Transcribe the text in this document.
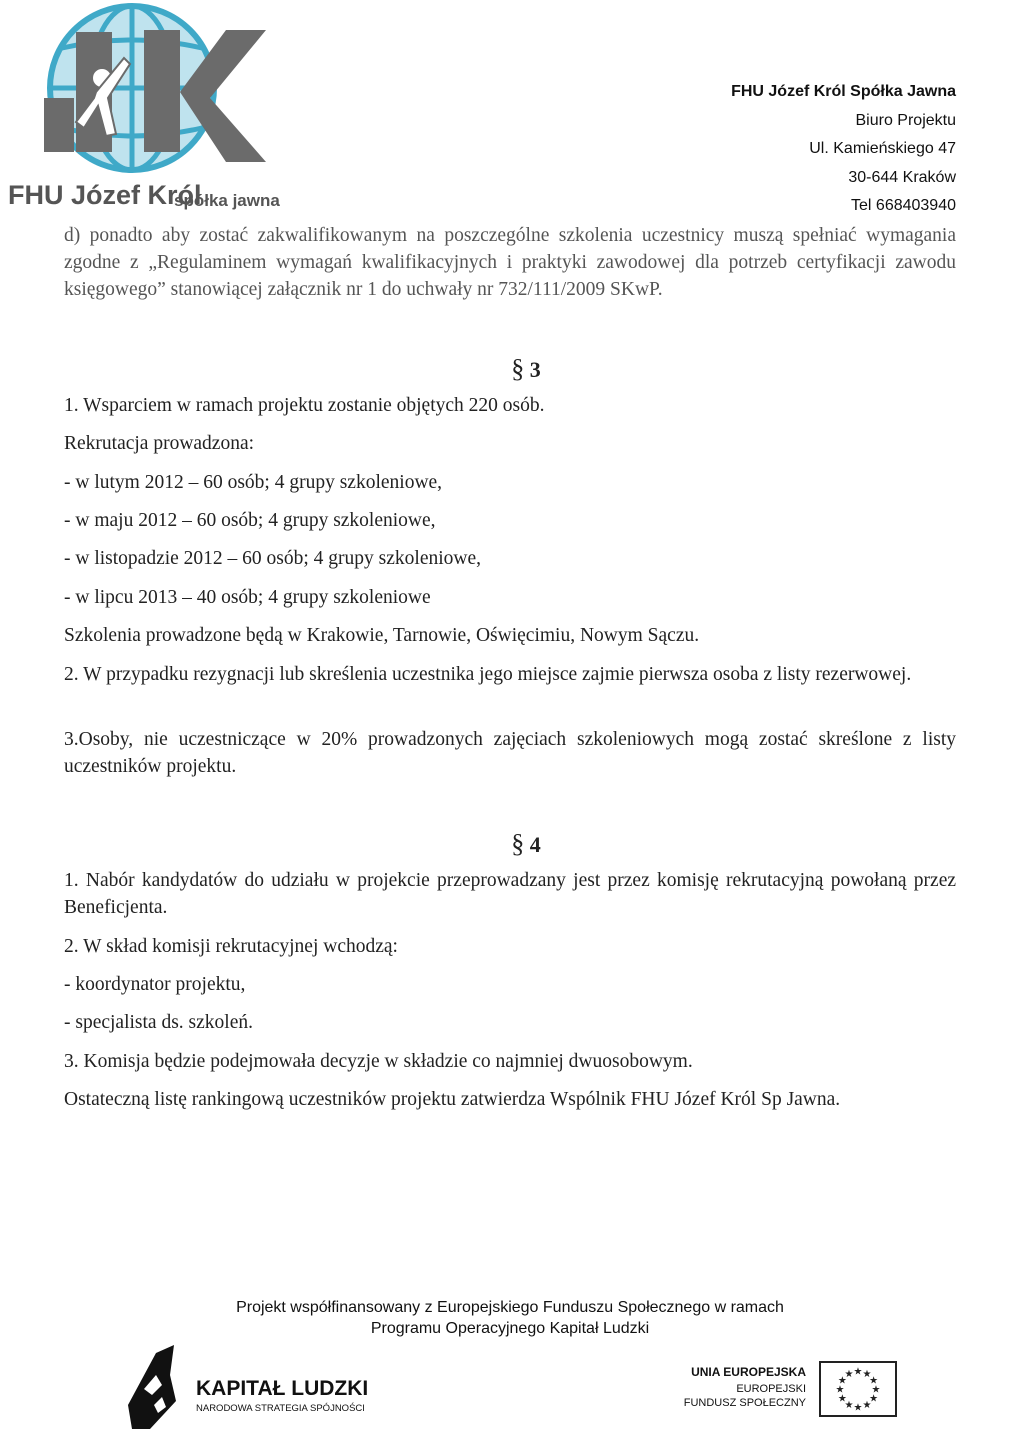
FHU Józef Król
spółka jawna
FHU Józef Król Spółka Jawna
Biuro Projektu
Ul. Kamieńskiego 47
30-644 Kraków
Tel 668403940
d) ponadto aby zostać zakwalifikowanym na poszczególne szkolenia uczestnicy muszą spełniać wymagania zgodne z „Regulaminem wymagań kwalifikacyjnych i praktyki zawodowej dla potrzeb certyfikacji zawodu księgowego” stanowiącej załącznik nr 1 do uchwały nr 732/111/2009 SKwP.
§ 3
1. Wsparciem w ramach projektu zostanie objętych 220 osób.
Rekrutacja prowadzona:
- w lutym 2012 – 60 osób; 4 grupy szkoleniowe,
- w maju 2012 – 60 osób; 4 grupy szkoleniowe,
- w listopadzie 2012 – 60 osób; 4 grupy szkoleniowe,
- w lipcu 2013 – 40 osób; 4 grupy szkoleniowe
Szkolenia prowadzone będą w Krakowie, Tarnowie, Oświęcimiu, Nowym Sączu.
2. W przypadku rezygnacji lub skreślenia uczestnika jego miejsce zajmie pierwsza osoba z listy rezerwowej.
3.Osoby, nie uczestniczące w 20% prowadzonych zajęciach szkoleniowych mogą zostać skreślone z listy uczestników projektu.
§ 4
1. Nabór kandydatów do udziału w projekcie przeprowadzany jest przez komisję rekrutacyjną powołaną przez Beneficjenta.
2. W skład komisji rekrutacyjnej wchodzą:
- koordynator projektu,
- specjalista ds. szkoleń.
3. Komisja będzie podejmowała decyzje w składzie co najmniej dwuosobowym.
Ostateczną listę rankingową uczestników projektu zatwierdza Wspólnik FHU Józef Król Sp Jawna.
Projekt współfinansowany z Europejskiego Funduszu Społecznego w ramach
Programu Operacyjnego Kapitał Ludzki
KAPITAŁ LUDZKI
NARODOWA STRATEGIA SPÓJNOŚCI
UNIA EUROPEJSKA
EUROPEJSKI
FUNDUSZ SPOŁECZNY
★ ★
★
★
★
★
★
★
★
★
★
★
